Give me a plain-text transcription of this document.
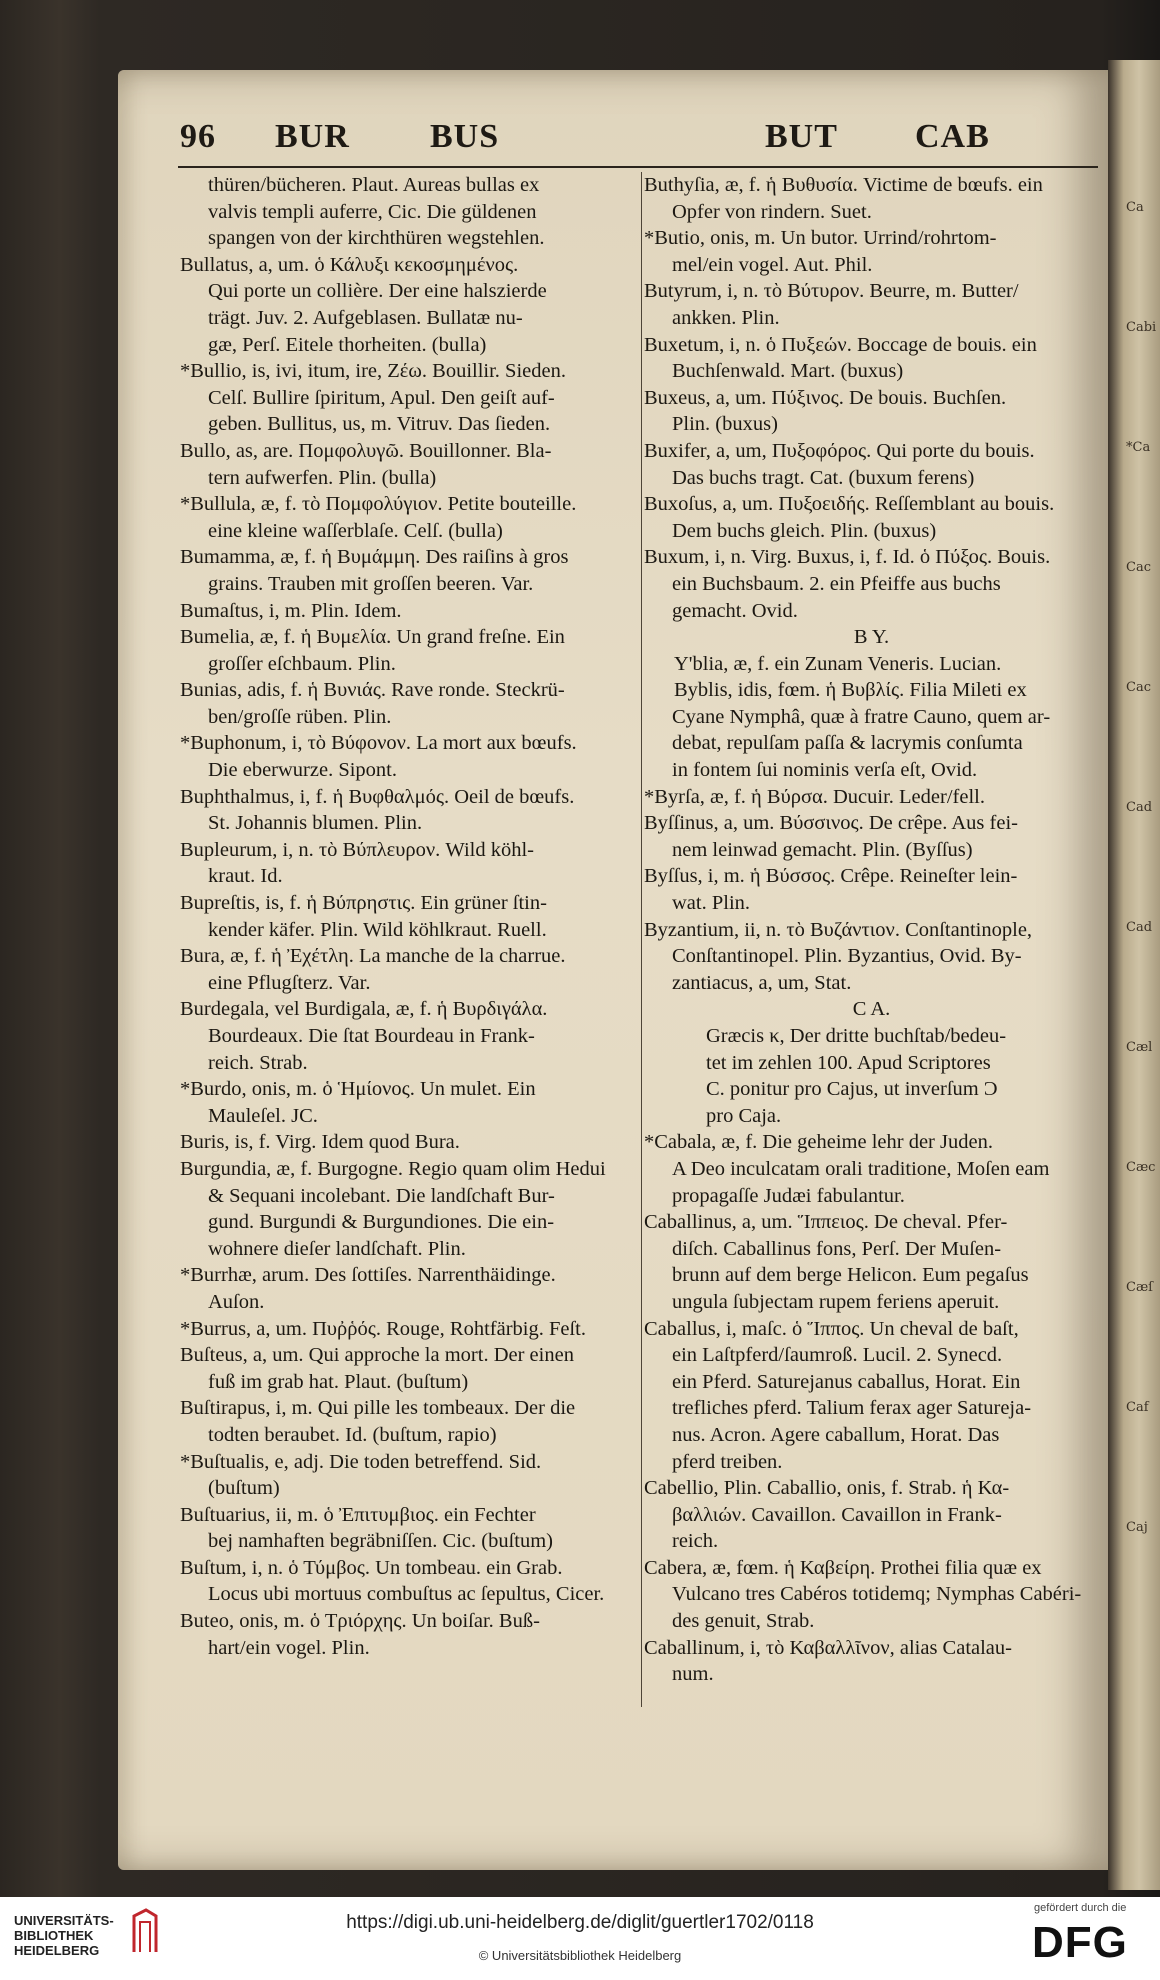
Ca
Cabi
*Ca
Cac
Cac
Cad
Cad
Cæl
Cæc
Cæſ
Caf
Caj
96 BUR BUS	BUT CAB
thüren/bücheren. Plaut. Aureas bullas ex
valvis templi auferre, Cic. Die güldenen
spangen von der kirchthüren wegstehlen.
Bullatus, a, um. ὁ Κάλυξι κεκοσμημένος.
Qui porte un collière. Der eine halszierde
trägt. Juv. 2. Aufgeblasen. Bullatæ nu-
gæ, Perſ. Eitele thorheiten. (bulla)
*Bullio, is, ivi, itum, ire, Ζέω. Bouillir. Sieden.
Celſ. Bullire ſpiritum, Apul. Den geiſt auf-
geben. Bullitus, us, m. Vitruv. Das ſieden.
Bullo, as, are. Πομφολυγῶ. Bouillonner. Bla-
tern aufwerfen. Plin. (bulla)
*Bullula, æ, f. τὸ Πομφολύγιον. Petite bouteille.
eine kleine waſſerblaſe. Celſ. (bulla)
Bumamma, æ, f. ἡ Βυμάμμη. Des raiſins à gros
grains. Trauben mit groſſen beeren. Var.
Bumaſtus, i, m. Plin. Idem.
Bumelia, æ, f. ἡ Βυμελία. Un grand freſne. Ein
groſſer eſchbaum. Plin.
Bunias, adis, f. ἡ Βυνιάς. Rave ronde. Steckrü-
ben/groſſe rüben. Plin.
*Buphonum, i, τὸ Βύφονον. La mort aux bœufs.
Die eberwurze. Sipont.
Buphthalmus, i, f. ἡ Βυφθαλμός. Oeil de bœufs.
St. Johannis blumen. Plin.
Bupleurum, i, n. τὸ Βύπλευρον. Wild köhl-
kraut. Id.
Bupreſtis, is, f. ἡ Βύπρηστις. Ein grüner ſtin-
kender käfer. Plin. Wild köhlkraut. Ruell.
Bura, æ, f. ἡ Ἐχέτλη. La manche de la charrue.
eine Pflugſterz. Var.
Burdegala, vel Burdigala, æ, f. ἡ Βυρδιγάλα.
Bourdeaux. Die ſtat Bourdeau in Frank-
reich. Strab.
*Burdo, onis, m. ὁ Ἡμίονος. Un mulet. Ein
Mauleſel. JC.
Buris, is, f. Virg. Idem quod Bura.
Burgundia, æ, f. Burgogne. Regio quam olim Hedui
& Sequani incolebant. Die landſchaft Bur-
gund. Burgundi & Burgundiones. Die ein-
wohnere dieſer landſchaft. Plin.
*Burrhæ, arum. Des ſottiſes. Narrenthäidinge.
Auſon.
*Burrus, a, um. Πυῤῥός. Rouge, Rohtfärbig. Feſt.
Buſteus, a, um. Qui approche la mort. Der einen
fuß im grab hat. Plaut. (buſtum)
Buſtirapus, i, m. Qui pille les tombeaux. Der die
todten beraubet. Id. (buſtum, rapio)
*Buſtualis, e, adj. Die toden betreffend. Sid.
(buſtum)
Buſtuarius, ii, m. ὁ Ἐπιτυμβιος. ein Fechter
bej namhaften begräbniſſen. Cic. (buſtum)
Buſtum, i, n. ὁ Τύμβος. Un tombeau. ein Grab.
Locus ubi mortuus combuſtus ac ſepultus, Cicer.
Buteo, onis, m. ὁ Τριόρχης. Un boiſar. Buß-
hart/ein vogel. Plin.
Buthyſia, æ, f. ἡ Βυθυσία. Victime de bœufs. ein
Opfer von rindern. Suet.
*Butio, onis, m. Un butor. Urrind/rohrtom-
mel/ein vogel. Aut. Phil.
Butyrum, i, n. τὸ Βύτυρον. Beurre, m. Butter/
ankken. Plin.
Buxetum, i, n. ὁ Πυξεών. Boccage de bouis. ein
Buchſenwald. Mart. (buxus)
Buxeus, a, um. Πύξινος. De bouis. Buchſen.
Plin. (buxus)
Buxifer, a, um, Πυξοφόρος. Qui porte du bouis.
Das buchs tragt. Cat. (buxum ferens)
Buxoſus, a, um. Πυξοειδής. Reſſemblant au bouis.
Dem buchs gleich. Plin. (buxus)
Buxum, i, n. Virg. Buxus, i, f. Id. ὁ Πύξος. Bouis.
ein Buchsbaum. 2. ein Pfeiffe aus buchs
gemacht. Ovid.
B Y.
Y'blia, æ, f. ein Zunam Veneris. Lucian.
Byblis, idis, fœm. ἡ Βυβλίς. Filia Mileti ex
Cyane Nymphâ, quæ à fratre Cauno, quem ar-
debat, repulſam paſſa & lacrymis conſumta
in fontem ſui nominis verſa eſt, Ovid.
*Byrſa, æ, f. ἡ Βύρσα. Ducuir. Leder/fell.
Byſſinus, a, um. Βύσσινος. De crêpe. Aus fei-
nem leinwad gemacht. Plin. (Byſſus)
Byſſus, i, m. ἡ Βύσσος. Crêpe. Reineſter lein-
wat. Plin.
Byzantium, ii, n. τὸ Βυζάντιον. Conſtantinople,
Conſtantinopel. Plin. Byzantius, Ovid. By-
zantiacus, a, um, Stat.
C A.
Græcis κ, Der dritte buchſtab/bedeu-
tet im zehlen 100. Apud Scriptores
C. ponitur pro Cajus, ut inverſum Ͻ
pro Caja.
*Cabala, æ, f. Die geheime lehr der Juden.
A Deo inculcatam orali traditione, Moſen eam
propagaſſe Judæi fabulantur.
Caballinus, a, um. Ἵππειος. De cheval. Pfer-
diſch. Caballinus fons, Perſ. Der Muſen-
brunn auf dem berge Helicon. Eum pegaſus
ungula ſubjectam rupem feriens aperuit.
Caballus, i, maſc. ὁ Ἵππος. Un cheval de baſt,
ein Laſtpferd/ſaumroß. Lucil. 2. Synecd.
ein Pferd. Saturejanus caballus, Horat. Ein
trefliches pferd. Talium ferax ager Satureja-
nus. Acron. Agere caballum, Horat. Das
pferd treiben.
Cabellio, Plin. Caballio, onis, f. Strab. ἡ Κα-
βαλλιών. Cavaillon. Cavaillon in Frank-
reich.
Cabera, æ, fœm. ἡ Καβείρη. Prothei filia quæ ex
Vulcano tres Cabéros totidemq; Nymphas Cabéri-
des genuit, Strab.
Caballinum, i, τὸ Καβαλλῖνον, alias Catalau-
num.
UNIVERSITÄTS-
BIBLIOTHEK
HEIDELBERG
https://digi.ub.uni-heidelberg.de/diglit/guertler1702/0118
© Universitätsbibliothek Heidelberg
gefördert durch die
DFG
